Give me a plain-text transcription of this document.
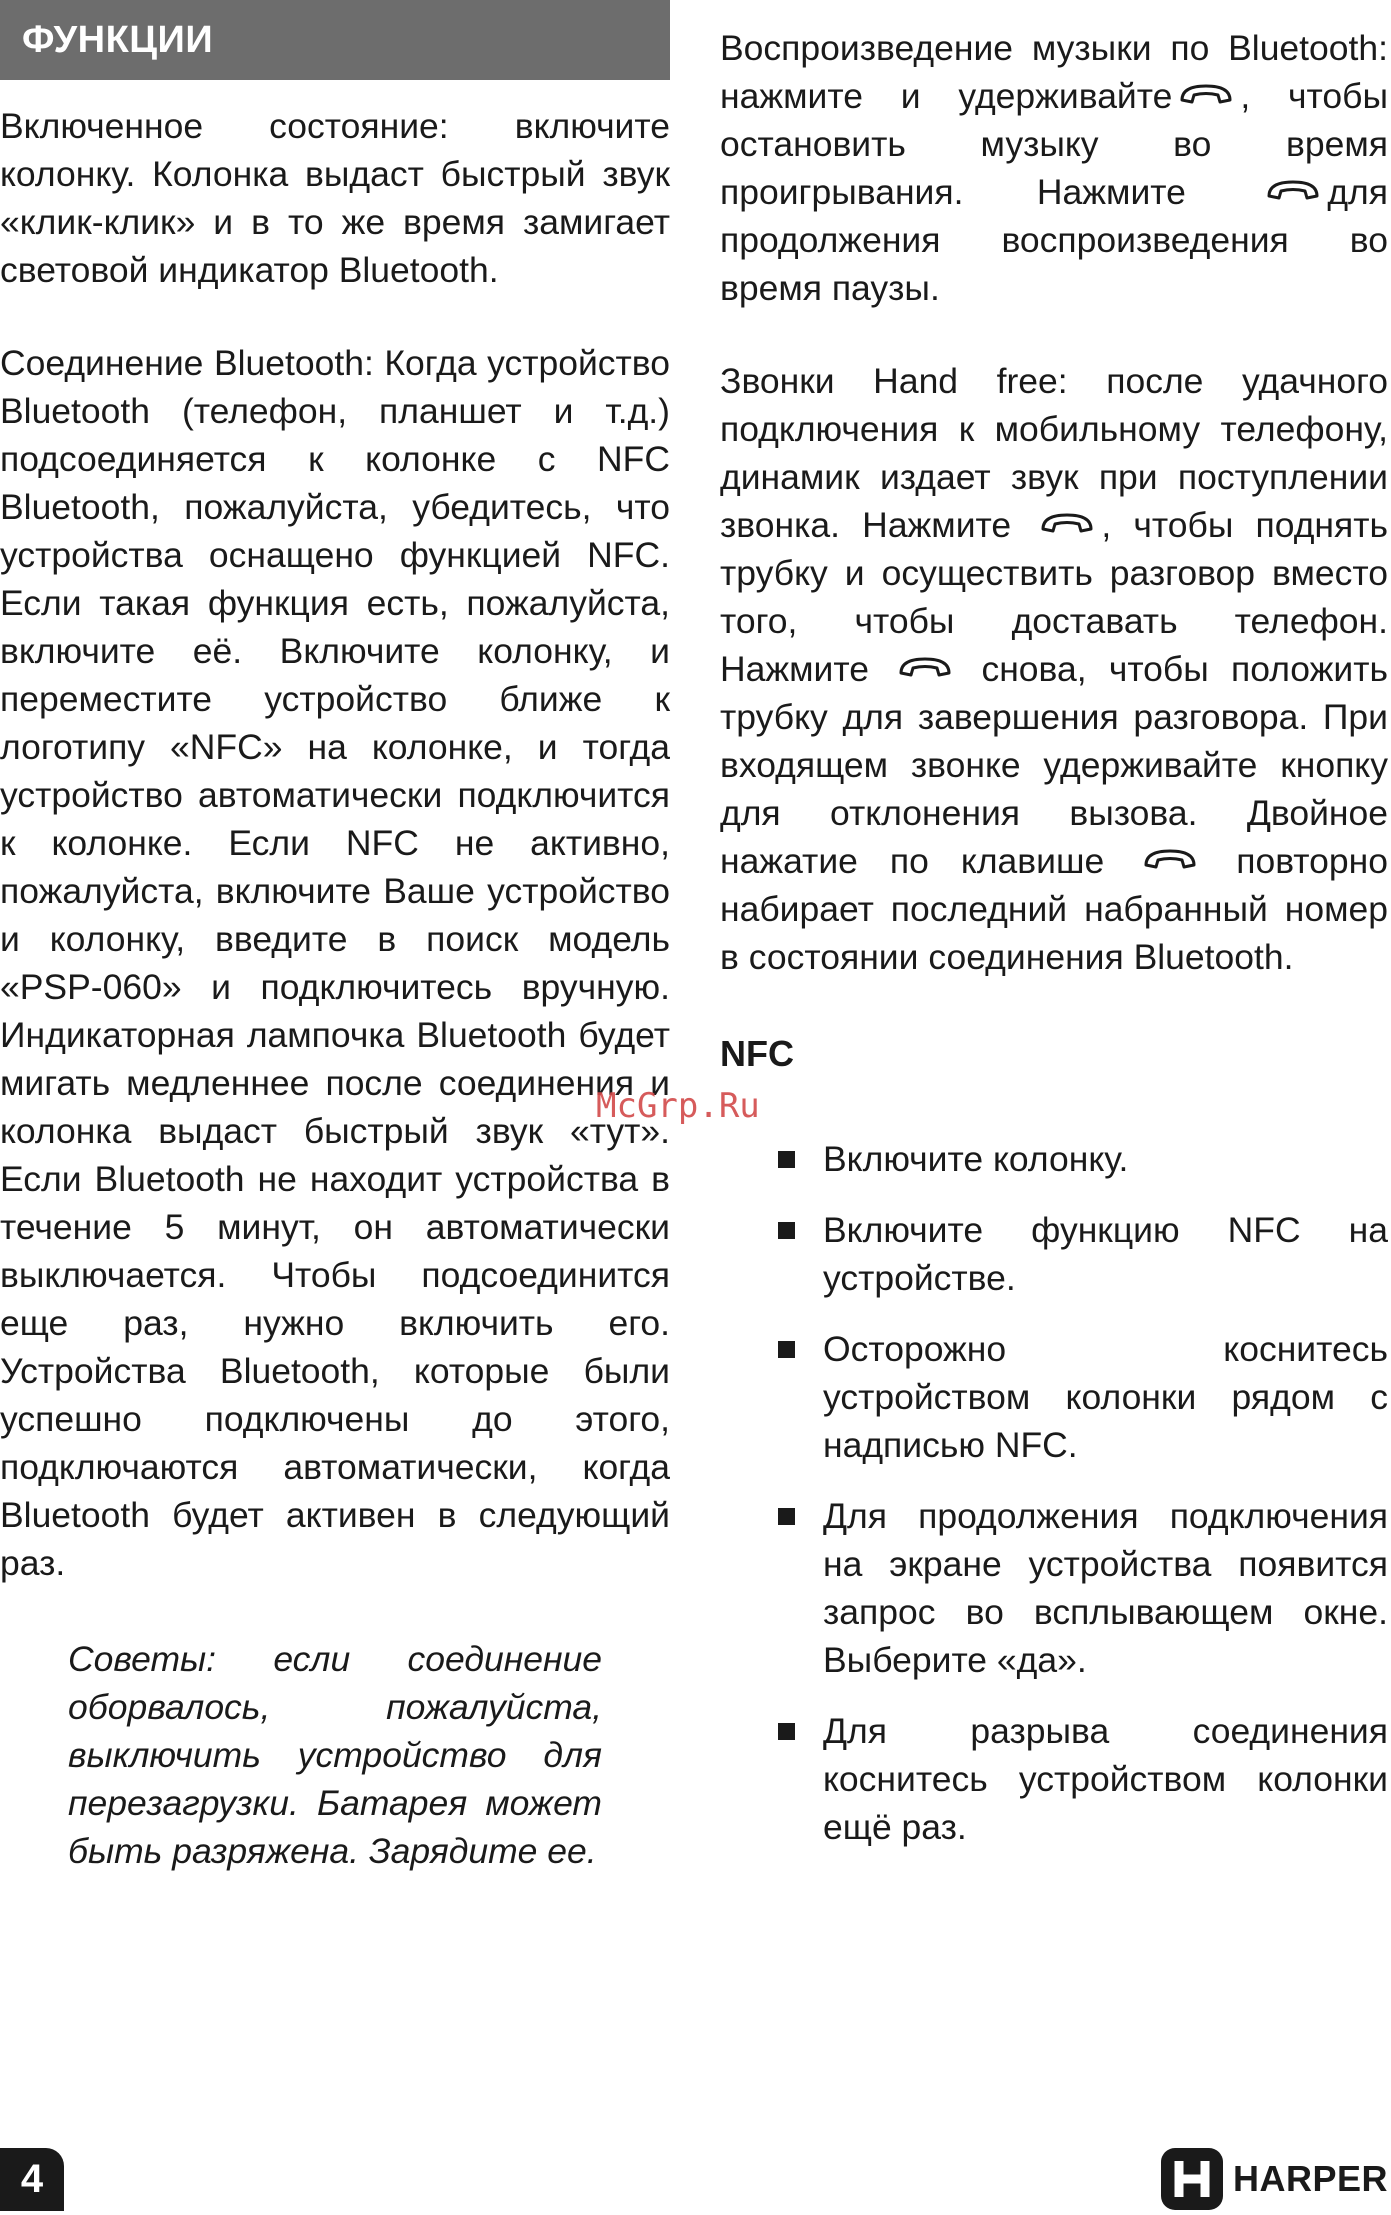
ФУНКЦИИ

Включенное состояние: включите колонку. Колонка выдаст быстрый звук «клик-клик» и в то же время замигает световой индикатор Bluetooth.

Соединение Bluetooth: Когда устройство Bluetooth (телефон, планшет и т.д.) подсоединяется к колонке с NFC Bluetooth, пожалуйста, убедитесь, что устройства оснащено функцией NFC. Если такая функция есть, пожалуйста, включите её. Включите колонку, и переместите устройство ближе к логотипу «NFC» на колонке, и тогда устройство автоматически подключится к колонке. Если NFC не активно, пожалуйста, включите Ваше устройство и колонку, введите в поиск модель «PSP-060» и подключитесь вручную. Индикаторная лампочка Bluetooth будет мигать медленнее после соединения и колонка выдаст быстрый звук «тут». Если Bluetooth не находит устройства в течение 5 минут, он автоматически выключается. Чтобы подсоединится еще раз, нужно включить его. Устройства Bluetooth, которые были успешно подключены до этого, подключаются автоматически, когда Bluetooth будет активен в следующий раз.

Советы: если соединение оборвалось, пожалуйста, выключить устройство для перезагрузки. Батарея может быть разряжена. Зарядите ее.

Воспроизведение музыки по Bluetooth: нажмите и удерживайте , чтобы остановить музыку во время проигрывания. Нажмите	для продолжения воспроизведения во время паузы.

Звонки Hand free: после удачного подключения к мобильному телефону, динамик издает звук при поступлении звонка. Нажмите	, чтобы поднять трубку и осуществить разговор вместо того, чтобы доставать телефон. Нажмите	снова, чтобы положить трубку для завершения разговора. При входящем звонке удерживайте кнопку для отклонения вызова. Двойное нажатие по клавише	повторно набирает последний набранный номер в состоянии соединения Bluetooth.

NFC
Включите колонку.
Включите функцию NFC на устройстве.
Осторожно коснитесь устройством колонки рядом с надписью NFC.
Для продолжения подключения на экране устройства появится запрос во всплывающем окне. Выберите «да».
Для разрыва соединения коснитесь устройством колонки ещё раз.
McGrp.Ru
4	HARPER
